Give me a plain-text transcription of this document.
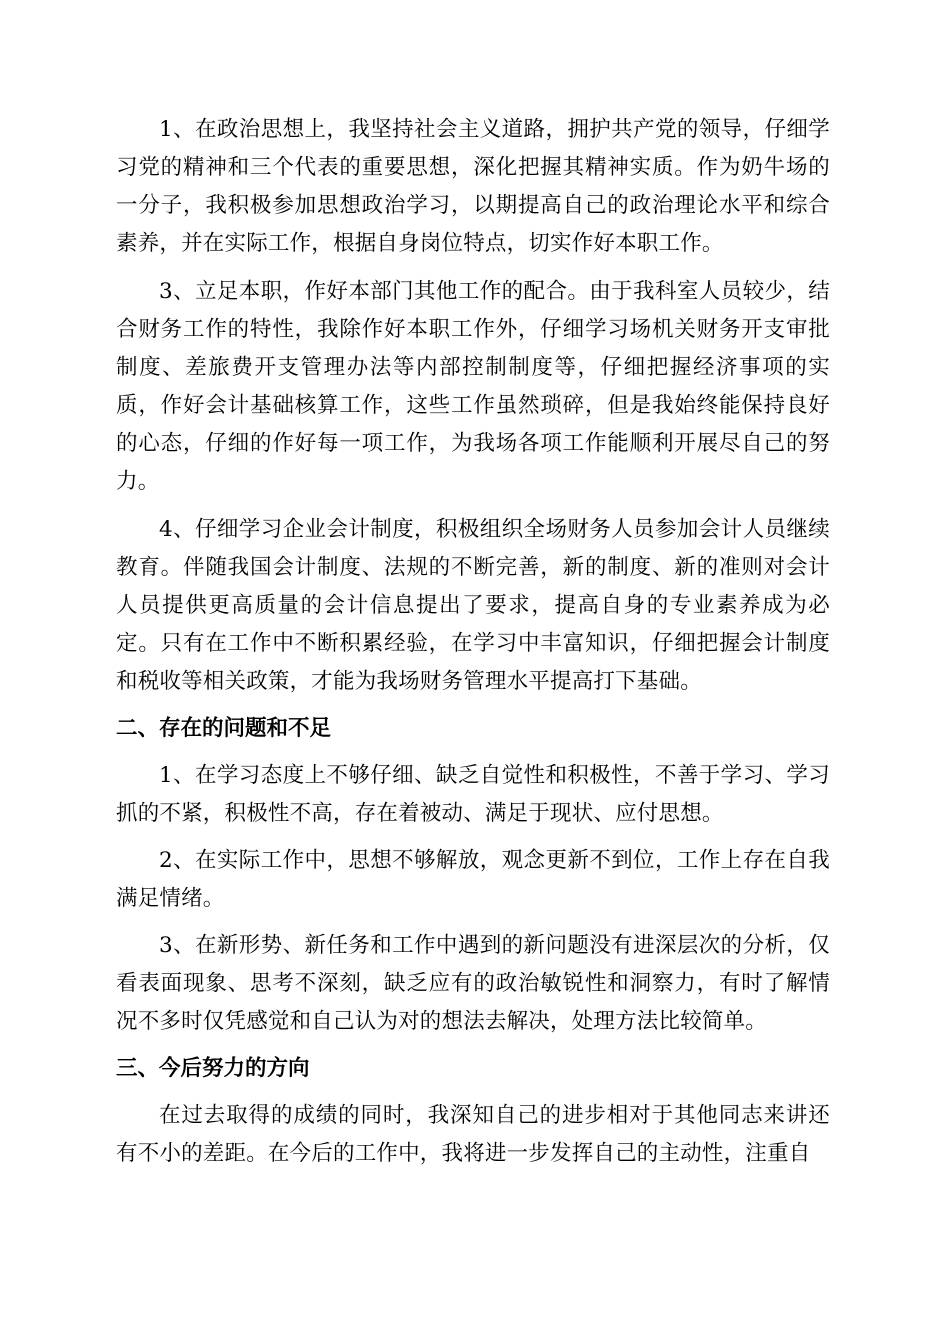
1、在政治思想上，我坚持社会主义道路，拥护共产党的领导，仔细学习党的精神和三个代表的重要思想，深化把握其精神实质。作为奶牛场的一分子，我积极参加思想政治学习，以期提高自己的政治理论水平和综合素养，并在实际工作，根据自身岗位特点，切实作好本职工作。

3、立足本职，作好本部门其他工作的配合。由于我科室人员较少，结合财务工作的特性，我除作好本职工作外，仔细学习场机关财务开支审批制度、差旅费开支管理办法等内部控制制度等，仔细把握经济事项的实质，作好会计基础核算工作，这些工作虽然琐碎，但是我始终能保持良好的心态，仔细的作好每一项工作，为我场各项工作能顺利开展尽自己的努力。

4、仔细学习企业会计制度，积极组织全场财务人员参加会计人员继续教育。伴随我国会计制度、法规的不断完善，新的制度、新的准则对会计人员提供更高质量的会计信息提出了要求，提高自身的专业素养成为必定。只有在工作中不断积累经验，在学习中丰富知识，仔细把握会计制度和税收等相关政策，才能为我场财务管理水平提高打下基础。

二、存在的问题和不足

1、在学习态度上不够仔细、缺乏自觉性和积极性，不善于学习、学习抓的不紧，积极性不高，存在着被动、满足于现状、应付思想。

2、在实际工作中，思想不够解放，观念更新不到位，工作上存在自我满足情绪。

3、在新形势、新任务和工作中遇到的新问题没有进深层次的分析，仅看表面现象、思考不深刻，缺乏应有的政治敏锐性和洞察力，有时了解情况不多时仅凭感觉和自己认为对的想法去解决，处理方法比较简单。

三、今后努力的方向

在过去取得的成绩的同时，我深知自己的进步相对于其他同志来讲还有不小的差距。在今后的工作中，我将进一步发挥自己的主动性，注重自
